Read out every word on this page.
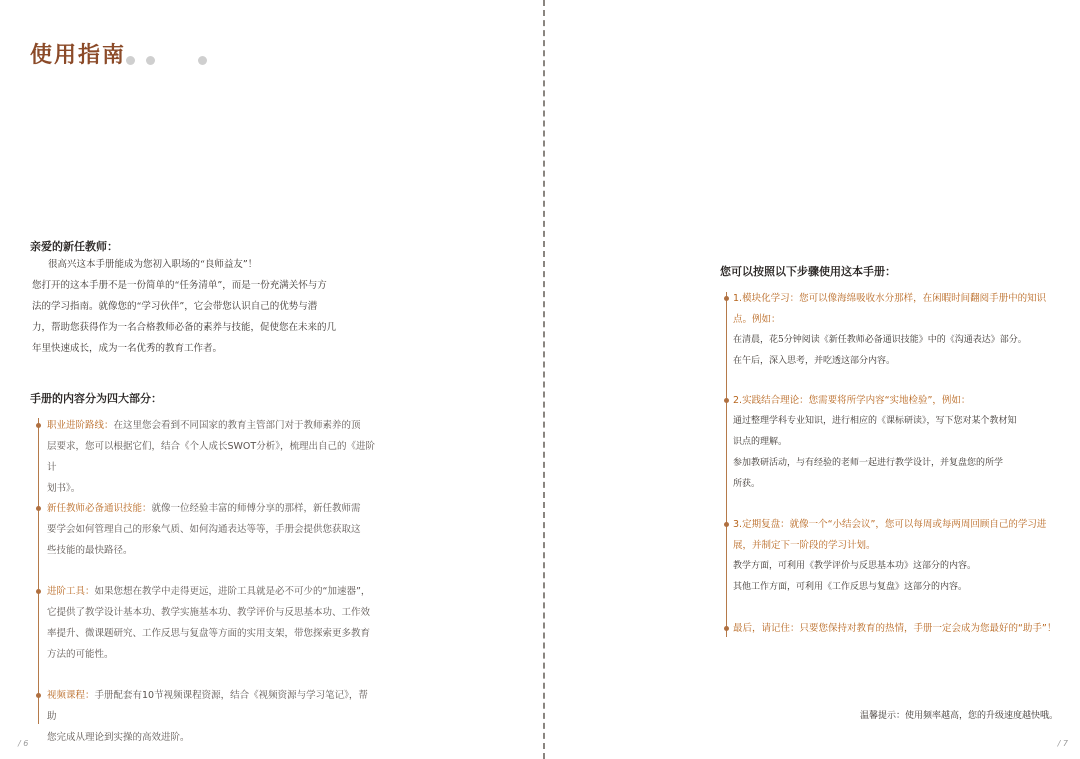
使用指南
亲爱的新任教师：
很高兴这本手册能成为您初入职场的“良师益友”！
您打开的这本手册不是一份简单的“任务清单”，而是一份充满关怀与方
法的学习指南。就像您的“学习伙伴”，它会带您认识自己的优势与潜
力，帮助您获得作为一名合格教师必备的素养与技能，促使您在未来的几
年里快速成长，成为一名优秀的教育工作者。
手册的内容分为四大部分：
职业进阶路线：在这里您会看到不同国家的教育主管部门对于教师素养的顶
层要求，您可以根据它们，结合《个人成长SWOT分析》，梳理出自己的《进阶计
划书》。
新任教师必备通识技能：就像一位经验丰富的师傅分享的那样，新任教师需
要学会如何管理自己的形象气质、如何沟通表达等等，手册会提供您获取这
些技能的最快路径。
进阶工具：如果您想在教学中走得更远，进阶工具就是必不可少的“加速器”，
它提供了教学设计基本功、教学实施基本功、教学评价与反思基本功、工作效
率提升、微课题研究、工作反思与复盘等方面的实用支架，带您探索更多教育
方法的可能性。
视频课程：手册配套有10节视频课程资源，结合《视频资源与学习笔记》，帮助
您完成从理论到实操的高效进阶。
/ 6
您可以按照以下步骤使用这本手册：
1.模块化学习：您可以像海绵吸收水分那样，在闲暇时间翻阅手册中的知识
点。例如：
在清晨，花5分钟阅读《新任教师必备通识技能》中的《沟通表达》部分。
在午后，深入思考，并吃透这部分内容。
2.实践结合理论：您需要将所学内容“实地检验”，例如：
通过整理学科专业知识，进行相应的《课标研读》，写下您对某个教材知
识点的理解。
参加教研活动，与有经验的老师一起进行教学设计，并复盘您的所学
所获。
3.定期复盘：就像一个“小结会议”，您可以每周或每两周回顾自己的学习进
展，并制定下一阶段的学习计划。
教学方面，可利用《教学评价与反思基本功》这部分的内容。
其他工作方面，可利用《工作反思与复盘》这部分的内容。
最后，请记住：只要您保持对教育的热情，手册一定会成为您最好的“助手”！
温馨提示：使用频率越高，您的升级速度越快哦。
/ 7
